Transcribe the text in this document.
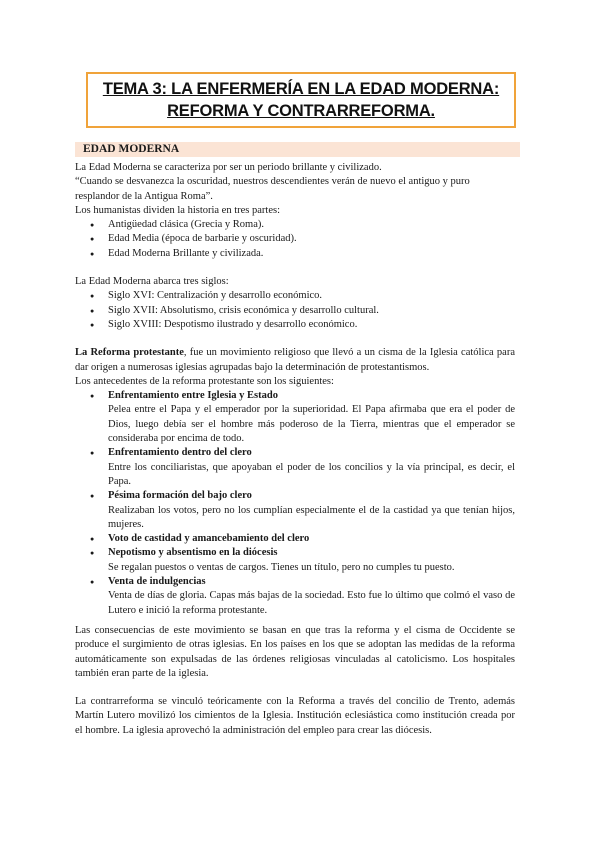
TEMA 3: LA ENFERMERÍA EN LA EDAD MODERNA:
REFORMA Y CONTRARREFORMA.
EDAD MODERNA

La Edad Moderna se caracteriza por ser un periodo brillante y civilizado.

“Cuando se desvanezca la oscuridad, nuestros descendientes verán de nuevo el antiguo y puro resplandor de la Antigua Roma”.

Los humanistas dividen la historia en tres partes:

● Antigüedad clásica (Grecia y Roma).
● Edad Media (época de barbarie y oscuridad).
● Edad Moderna Brillante y civilizada.

La Edad Moderna abarca tres siglos:

● Siglo XVI: Centralización y desarrollo económico.
● Siglo XVII: Absolutismo, crisis económica y desarrollo cultural.
● Siglo XVIII: Despotismo ilustrado y desarrollo económico.

La Reforma protestante, fue un movimiento religioso que llevó a un cisma de la Iglesia católica para dar origen a numerosas iglesias agrupadas bajo la determinación de protestantismos.

Los antecedentes de la reforma protestante son los siguientes:

● Enfrentamiento entre Iglesia y Estado
Pelea entre el Papa y el emperador por la superioridad. El Papa afirmaba que era el poder de Dios, luego debía ser el hombre más poderoso de la Tierra, mientras que el emperador se consideraba por encima de todo.
● Enfrentamiento dentro del clero
Entre los conciliaristas, que apoyaban el poder de los concilios y la vía principal, es decir, el Papa.
● Pésima formación del bajo clero
Realizaban los votos, pero no los cumplían especialmente el de la castidad ya que tenían hijos, mujeres.
● Voto de castidad y amancebamiento del clero
● Nepotismo y absentismo en la diócesis
Se regalan puestos o ventas de cargos. Tienes un título, pero no cumples tu puesto.
● Venta de indulgencias
Venta de días de gloria. Capas más bajas de la sociedad. Esto fue lo último que colmó el vaso de Lutero e inició la reforma protestante.

Las consecuencias de este movimiento se basan en que tras la reforma y el cisma de Occidente se produce el surgimiento de otras iglesias. En los países en los que se adoptan las medidas de la reforma automáticamente son expulsadas de las órdenes religiosas vinculadas al catolicismo. Los hospitales también eran parte de la iglesia.

La contrarreforma se vinculó teóricamente con la Reforma a través del concilio de Trento, además Martín Lutero movilizó los cimientos de la Iglesia. Institución eclesiástica como institución creada por el hombre. La iglesia aprovechó la administración del empleo para crear las diócesis.
